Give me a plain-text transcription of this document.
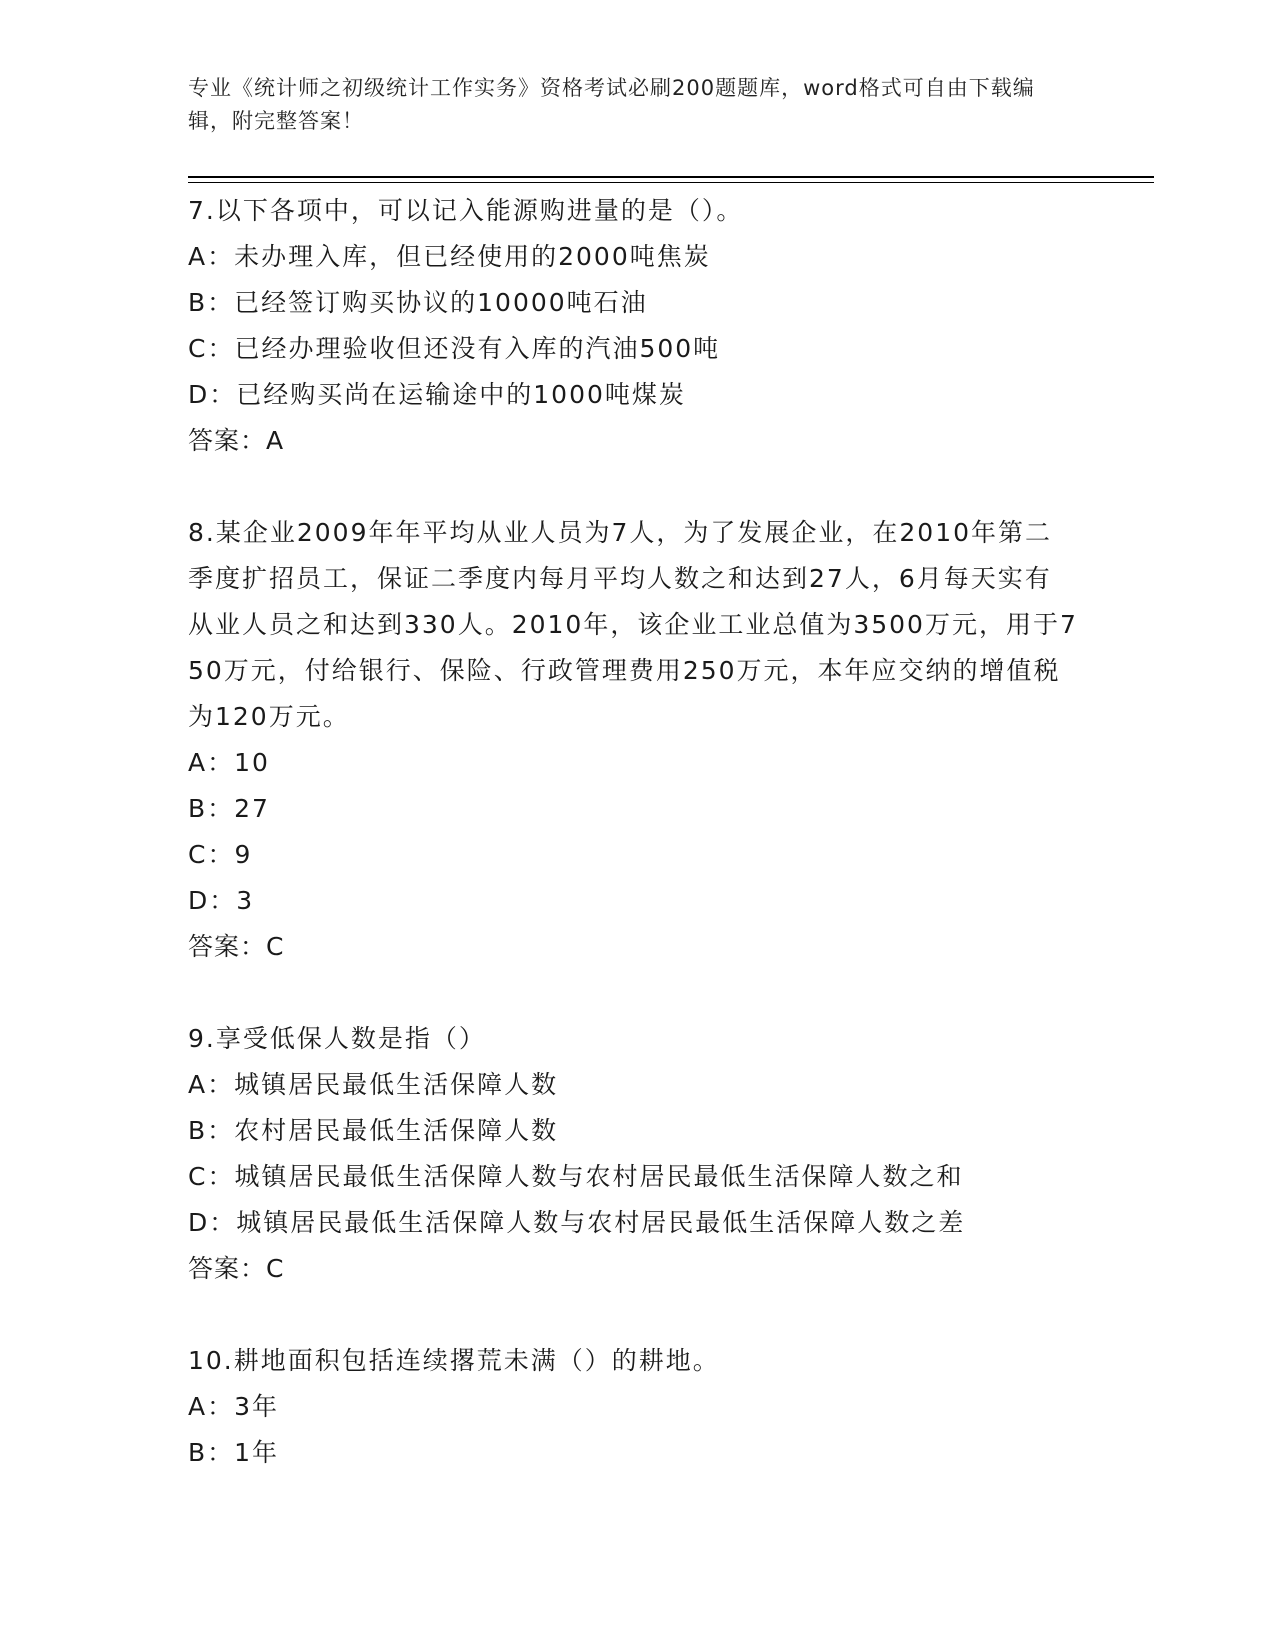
专业《统计师之初级统计工作实务》资格考试必刷200题题库，word格式可自由下载编辑，附完整答案！
7.以下各项中，可以记入能源购进量的是（）。
A：未办理入库，但已经使用的2000吨焦炭
B：已经签订购买协议的10000吨石油
C：已经办理验收但还没有入库的汽油500吨
D：已经购买尚在运输途中的1000吨煤炭
答案：A
8.某企业2009年年平均从业人员为7人，为了发展企业，在2010年第二季度扩招员工，保证二季度内每月平均人数之和达到27人，6月每天实有从业人员之和达到330人。2010年，该企业工业总值为3500万元，用于750万元，付给银行、保险、行政管理费用250万元，本年应交纳的增值税为120万元。
A：10
B：27
C：9
D：3
答案：C
9.享受低保人数是指（）
A：城镇居民最低生活保障人数
B：农村居民最低生活保障人数
C：城镇居民最低生活保障人数与农村居民最低生活保障人数之和
D：城镇居民最低生活保障人数与农村居民最低生活保障人数之差
答案：C
10.耕地面积包括连续撂荒未满（）的耕地。
A：3年
B：1年
